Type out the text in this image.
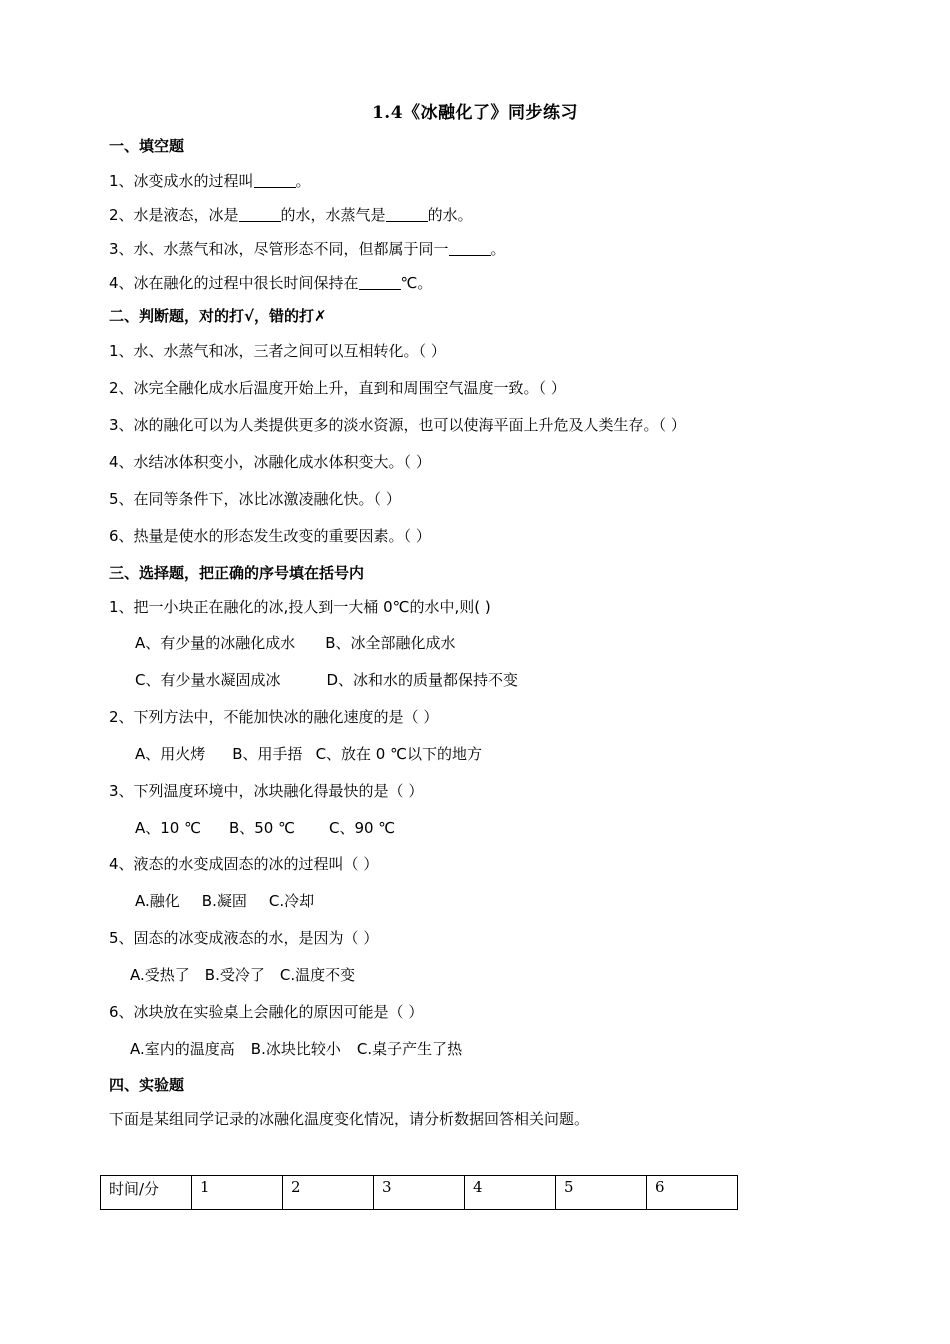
1.4《冰融化了》同步练习
一、填空题
1、冰变成水的过程叫	。
2、水是液态，冰是	的水，水蒸气是	的水。
3、水、水蒸气和冰，尽管形态不同，但都属于同一	。
4、冰在融化的过程中很长时间保持在	℃。
二、判断题，对的打√，错的打✗
1、水、水蒸气和冰，三者之间可以互相转化。（ ）
2、冰完全融化成水后温度开始上升，直到和周围空气温度一致。（ ）
3、冰的融化可以为人类提供更多的淡水资源，也可以使海平面上升危及人类生存。（ ）
4、水结冰体积变小，冰融化成水体积变大。（ ）
5、在同等条件下，冰比冰激凌融化快。（ ）
6、热量是使水的形态发生改变的重要因素。（ ）
三、选择题，把正确的序号填在括号内
1、把一小块正在融化的冰,投人到一大桶 0℃的水中,则( )
A、有少量的冰融化成水 B、冰全部融化成水
C、有少量水凝固成冰	D、冰和水的质量都保持不变
2、下列方法中，不能加快冰的融化速度的是（ ）
A、用火烤 B、用手捂 C、放在 0 ℃以下的地方
3、下列温度环境中，冰块融化得最快的是（ ）
A、10 ℃ B、50 ℃ C、90 ℃
4、液态的水变成固态的冰的过程叫（ ）
A.融化 B.凝固 C.冷却
5、固态的冰变成液态的水，是因为（ ）
A.受热了 B.受冷了 C.温度不变
6、冰块放在实验桌上会融化的原因可能是（ ）
A.室内的温度高 B.冰块比较小 C.桌子产生了热
四、实验题
下面是某组同学记录的冰融化温度变化情况，请分析数据回答相关问题。
时间/分	1	2	3	4	5	6
